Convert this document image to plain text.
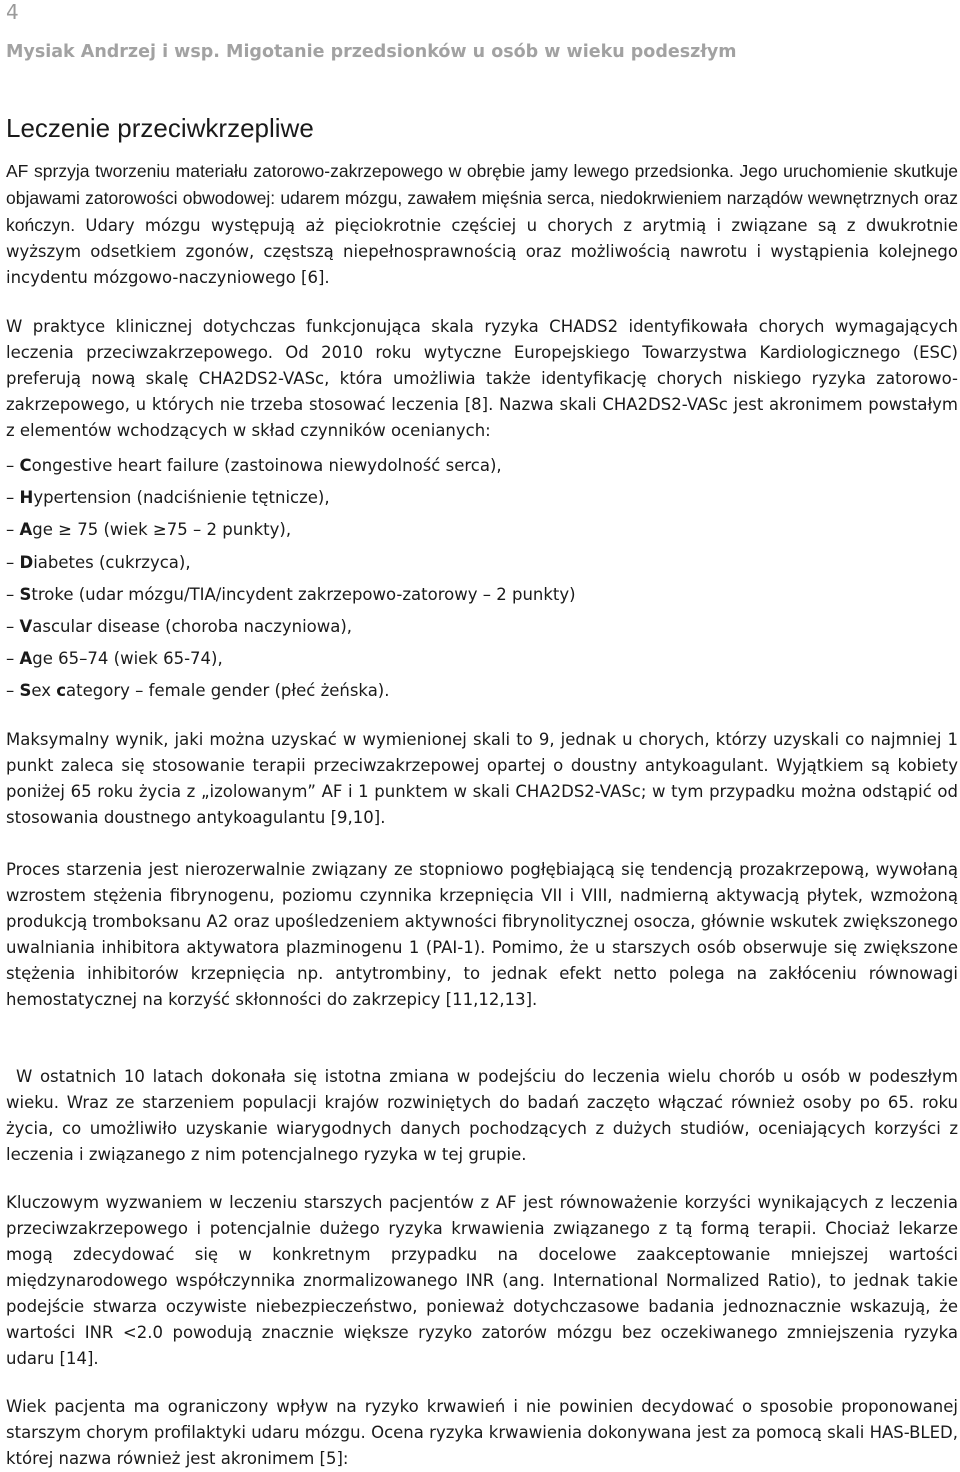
4
Mysiak Andrzej i wsp. Migotanie przedsionków u osób w wieku podeszłym
Leczenie przeciwkrzepliwe

AF sprzyja tworzeniu materiału zatorowo-zakrzepowego w obrębie jamy lewego przedsionka. Jego uruchomienie skutkuje objawami zatorowości obwodowej: udarem mózgu, zawałem mięśnia serca, niedokrwieniem narządów wewnętrznych oraz kończyn. Udary mózgu występują aż pięciokrotnie częściej u chorych z arytmią i związane są z dwukrotnie wyższym odsetkiem zgonów, częstszą niepełnosprawnością oraz możliwością nawrotu i wystąpienia kolejnego incydentu mózgowo-naczyniowego [6].

W praktyce klinicznej dotychczas funkcjonująca skala ryzyka CHADS2 identyfikowała chorych wymagających leczenia przeciwzakrzepowego. Od 2010 roku wytyczne Europejskiego Towarzystwa Kardiologicznego (ESC) preferują nową skalę CHA2DS2-VASc, która umożliwia także identyfikację chorych niskiego ryzyka zatorowo-zakrzepowego, u których nie trzeba stosować leczenia [8]. Nazwa skali CHA2DS2-VASc jest akronimem powstałym z elementów wchodzących w skład czynników ocenianych:

– Congestive heart failure (zastoinowa niewydolność serca),
– Hypertension (nadciśnienie tętnicze),
– Age ≥ 75 (wiek ≥75 – 2 punkty),
– Diabetes (cukrzyca),
– Stroke (udar mózgu/TIA/incydent zakrzepowo-zatorowy – 2 punkty)
– Vascular disease (choroba naczyniowa),
– Age 65–74 (wiek 65-74),
– Sex category – female gender (płeć żeńska).

Maksymalny wynik, jaki można uzyskać w wymienionej skali to 9, jednak u chorych, którzy uzyskali co najmniej 1 punkt zaleca się stosowanie terapii przeciwzakrzepowej opartej o doustny antykoagulant. Wyjątkiem są kobiety poniżej 65 roku życia z „izolowanym” AF i 1 punktem w skali CHA2DS2-VASc; w tym przypadku można odstąpić od stosowania doustnego antykoagulantu [9,10].

Proces starzenia jest nierozerwalnie związany ze stopniowo pogłębiającą się tendencją prozakrzepową, wywołaną wzrostem stężenia fibrynogenu, poziomu czynnika krzepnięcia VII i VIII, nadmierną aktywacją płytek, wzmożoną produkcją tromboksanu A2 oraz upośledzeniem aktywności fibrynolitycznej osocza, głównie wskutek zwiększonego uwalniania inhibitora aktywatora plazminogenu 1 (PAI-1). Pomimo, że u starszych osób obserwuje się zwiększone stężenia inhibitorów krzepnięcia np. antytrombiny, to jednak efekt netto polega na zakłóceniu równowagi hemostatycznej na korzyść skłonności do zakrzepicy [11,12,13].

W ostatnich 10 latach dokonała się istotna zmiana w podejściu do leczenia wielu chorób u osób w podeszłym wieku. Wraz ze starzeniem populacji krajów rozwiniętych do badań zaczęto włączać również osoby po 65. roku życia, co umożliwiło uzyskanie wiarygodnych danych pochodzących z dużych studiów, oceniających korzyści z leczenia i związanego z nim potencjalnego ryzyka w tej grupie.

Kluczowym wyzwaniem w leczeniu starszych pacjentów z AF jest równoważenie korzyści wynikających z leczenia przeciwzakrzepowego i potencjalnie dużego ryzyka krwawienia związanego z tą formą terapii. Chociaż lekarze mogą zdecydować się w konkretnym przypadku na docelowe zaakceptowanie mniejszej wartości międzynarodowego współczynnika znormalizowanego INR (ang. International Normalized Ratio), to jednak takie podejście stwarza oczywiste niebezpieczeństwo, ponieważ dotychczasowe badania jednoznacznie wskazują, że wartości INR <2.0 powodują znacznie większe ryzyko zatorów mózgu bez oczekiwanego zmniejszenia ryzyka udaru [14].

Wiek pacjenta ma ograniczony wpływ na ryzyko krwawień i nie powinien decydować o sposobie proponowanej starszym chorym profilaktyki udaru mózgu. Ocena ryzyka krwawienia dokonywana jest za pomocą skali HAS-BLED, której nazwa również jest akronimem [5]:
